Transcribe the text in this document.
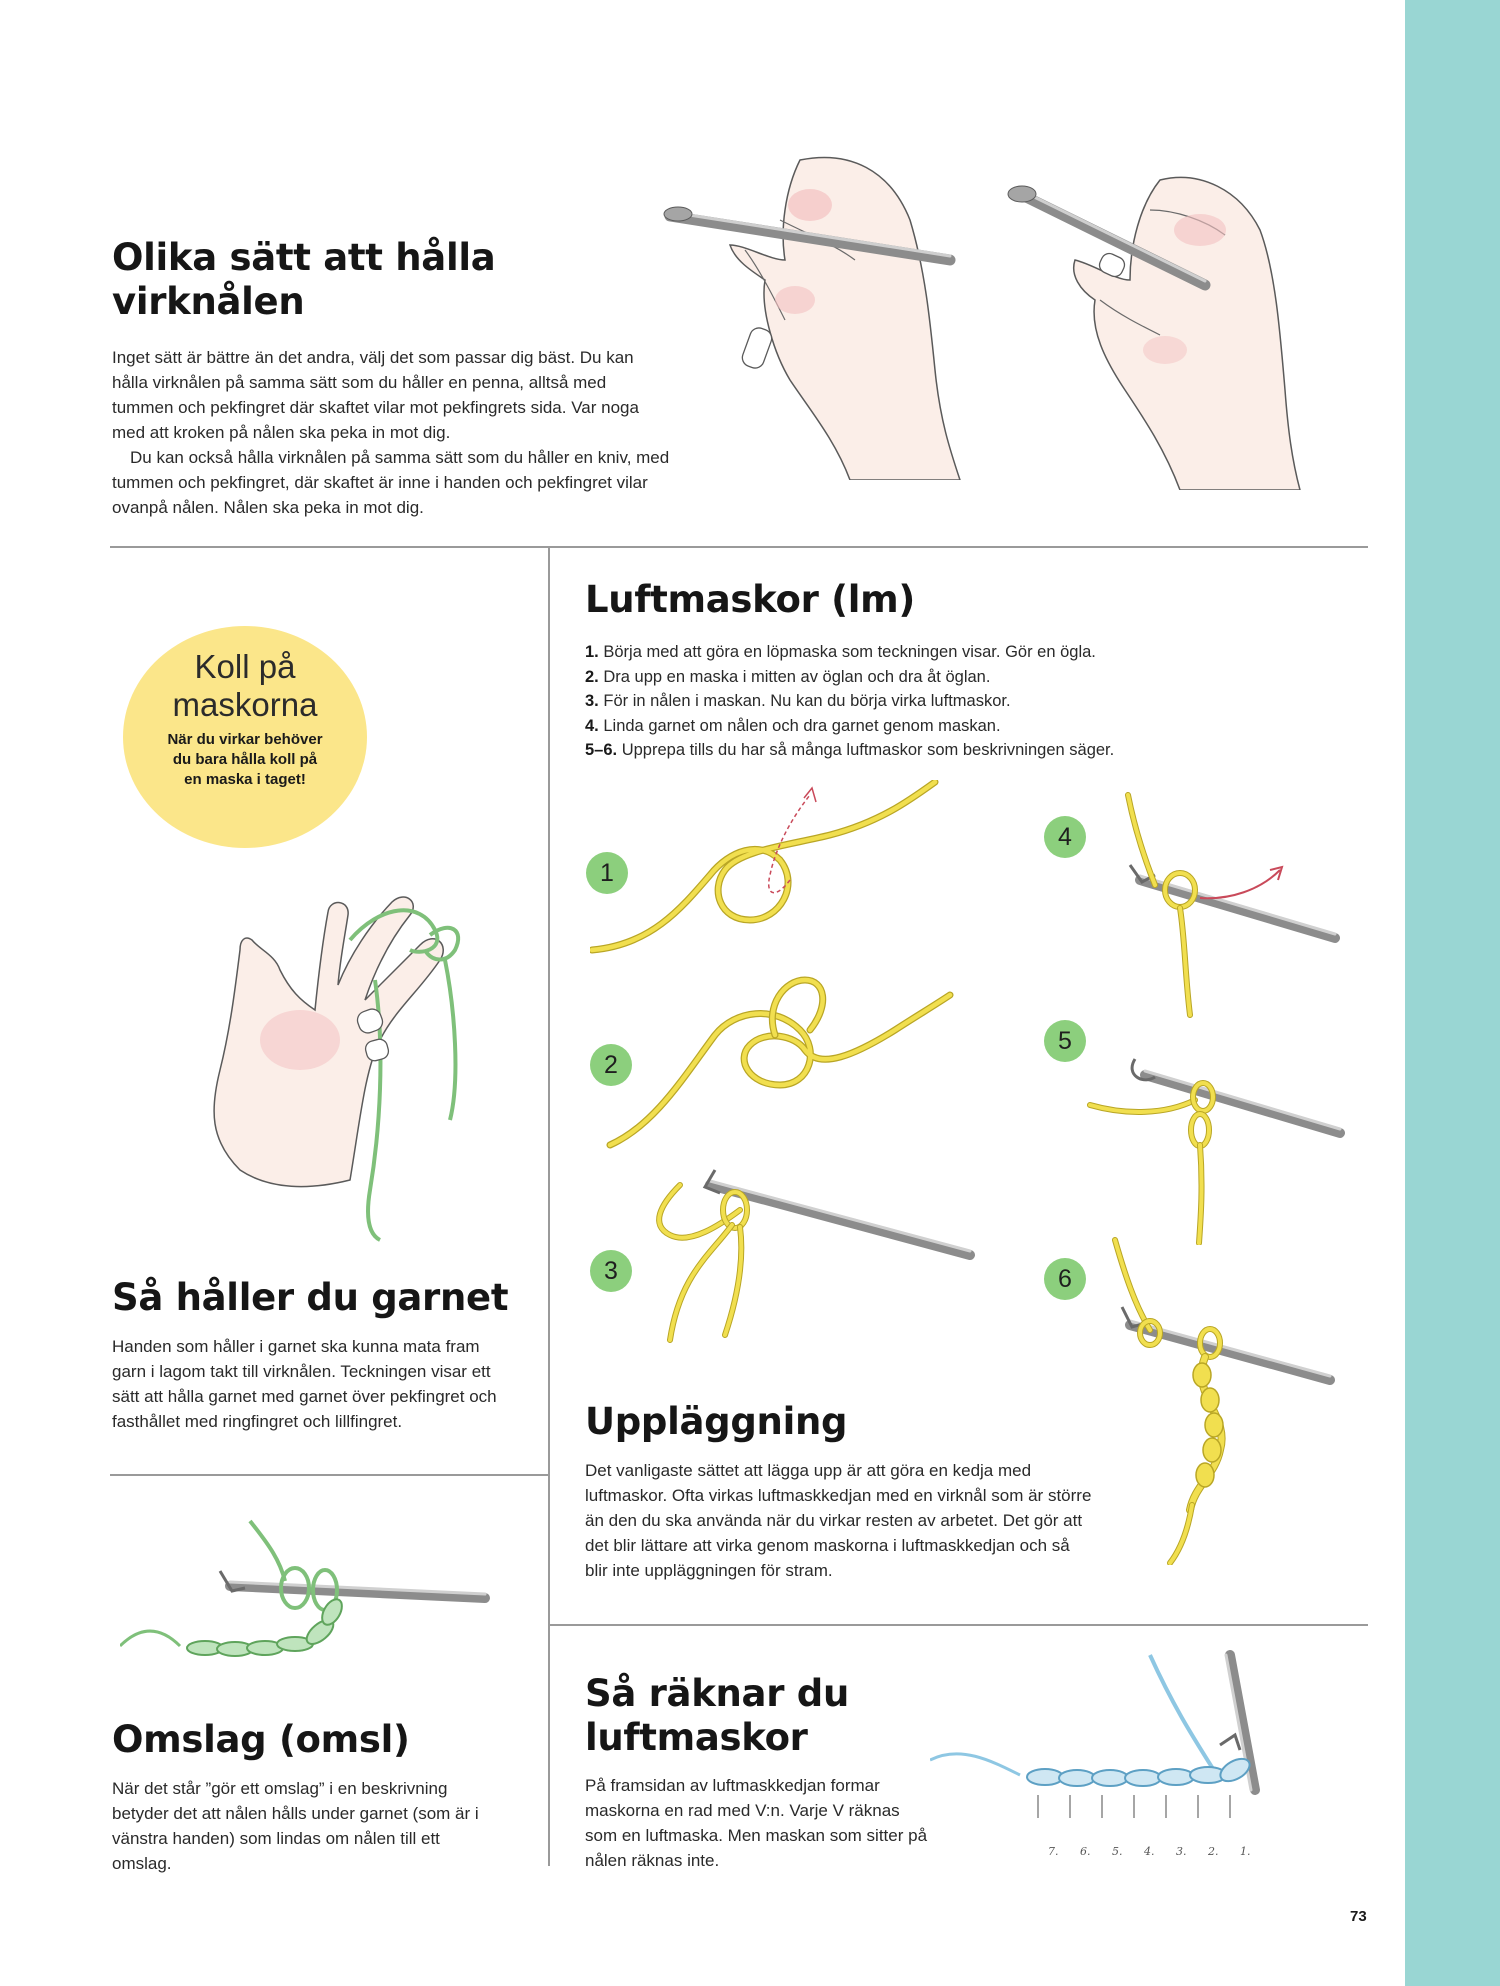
Olika sätt att hålla
virknålen

Inget sätt är bättre än det andra, välj det som passar dig bäst. Du kan hålla virknålen på samma sätt som du håller en penna, alltså med tummen och pekfingret där skaftet vilar mot pekfingrets sida. Var noga med att kroken på nålen ska peka in mot dig.

Du kan också hålla virknålen på samma sätt som du håller en kniv, med tummen och pekfingret, där skaftet är inne i handen och pekfingret vilar ovanpå nålen. Nålen ska peka in mot dig.

Koll på
maskorna
När du virkar behöver du bara hålla koll på en maska i taget!
Så håller du garnet

Handen som håller i garnet ska kunna mata fram garn i lagom takt till virknålen. Teckningen visar ett sätt att hålla garnet med garnet över pekfingret och fasthållet med ringfingret och lillfingret.

Omslag (omsl)

När det står ”gör ett omslag” i en beskrivning betyder det att nålen hålls under garnet (som är i vänstra handen) som lindas om nålen till ett omslag.

Luftmaskor (lm)
1. Börja med att göra en löpmaska som teckningen visar. Gör en ögla.
2. Dra upp en maska i mitten av öglan och dra åt öglan.
3. För in nålen i maskan. Nu kan du börja virka luftmaskor.
4. Linda garnet om nålen och dra garnet genom maskan.
5–6. Upprepa tills du har så många luftmaskor som beskrivningen säger.
1
2
3
4
5
6
Uppläggning

Det vanligaste sättet att lägga upp är att göra en kedja med luftmaskor. Ofta virkas luftmaskkedjan med en virknål som är större än den du ska använda när du virkar resten av arbetet. Det gör att det blir lättare att virka genom maskorna i luftmaskkedjan och så blir inte uppläggningen för stram.

Så räknar du
luftmaskor

På framsidan av luftmaskkedjan formar maskorna en rad med V:n. Varje V räknas som en luftmaska. Men maskan som sitter på nålen räknas inte.	7. 6. 5. 4. 3. 2. 1.
73
